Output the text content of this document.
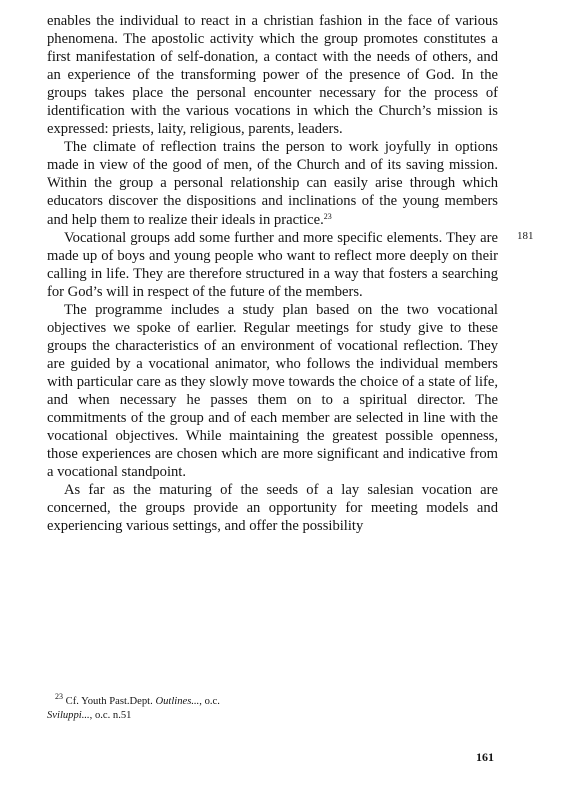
enables the individual to react in a christian fashion in the face of various phenomena. The apostolic activity which the group promotes constitutes a first manifestation of self-donation, a contact with the needs of others, and an experience of the transforming power of the presence of God. In the groups takes place the personal encounter necessary for the process of identification with the various vocations in which the Church’s mission is expressed: priests, laity, religious, parents, leaders.

The climate of reflection trains the person to work joyfully in options made in view of the good of men, of the Church and of its saving mission. Within the group a personal relationship can easily arise through which educators discover the dispositions and inclinations of the young members and help them to realize their ideals in practice.$^{23}$

Vocational groups add some further and more specific elements. They are made up of boys and young people who want to reflect more deeply on their calling in life. They are therefore structured in a way that fosters a searching for God’s will in respect of the future of the members.

The programme includes a study plan based on the two vocational objectives we spoke of earlier. Regular meetings for study give to these groups the characteristics of an environment of vocational reflection. They are guided by a vocational animator, who follows the individual members with particular care as they slowly move towards the choice of a state of life, and when necessary he passes them on to a spiritual director. The commitments of the group and of each member are selected in line with the vocational objectives. While maintaining the greatest possible openness, those experiences are chosen which are more significant and indicative from a vocational standpoint.

As far as the maturing of the seeds of a lay salesian vocation are concerned, the groups provide an opportunity for meeting models and experiencing various settings, and offer the possibility

181

$^{23}$ Cf. Youth Past.Dept. Outlines..., o.c.

Sviluppi..., o.c. n.51

161
